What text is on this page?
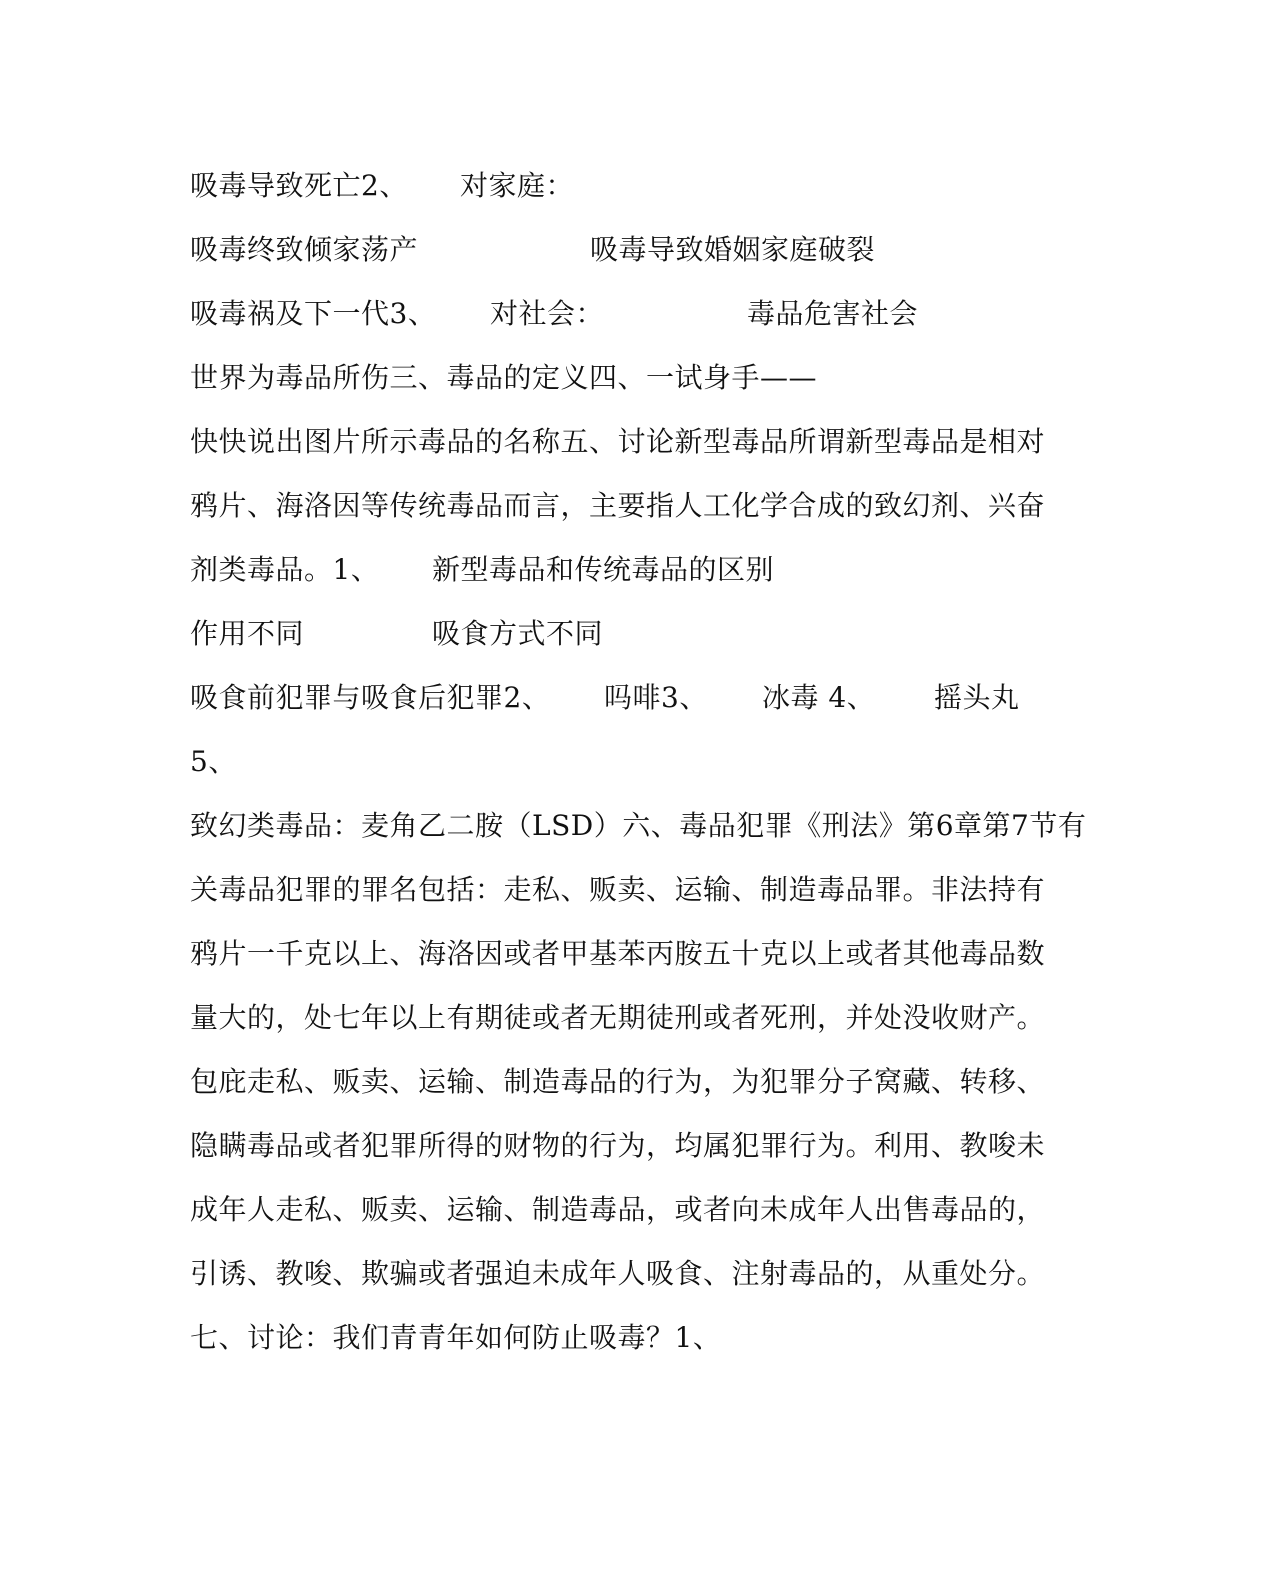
吸毒导致死亡2、 对家庭：
吸毒终致倾家荡产	吸毒导致婚姻家庭破裂
吸毒祸及下一代3、 对社会：	毒品危害社会
世界为毒品所伤三、毒品的定义四、一试身手——
快快说出图片所示毒品的名称五、讨论新型毒品所谓新型毒品是相对
鸦片、海洛因等传统毒品而言，主要指人工化学合成的致幻剂、兴奋
剂类毒品。1、 新型毒品和传统毒品的区别
作用不同	吸食方式不同
吸食前犯罪与吸食后犯罪2、 吗啡3、 冰毒 4、 摇头丸
5、
致幻类毒品：麦角乙二胺（LSD）六、毒品犯罪《刑法》第6章第7节有
关毒品犯罪的罪名包括：走私、贩卖、运输、制造毒品罪。非法持有
鸦片一千克以上、海洛因或者甲基苯丙胺五十克以上或者其他毒品数
量大的，处七年以上有期徒或者无期徒刑或者死刑，并处没收财产。
包庇走私、贩卖、运输、制造毒品的行为，为犯罪分子窝藏、转移、
隐瞒毒品或者犯罪所得的财物的行为，均属犯罪行为。利用、教唆未
成年人走私、贩卖、运输、制造毒品，或者向未成年人出售毒品的，
引诱、教唆、欺骗或者强迫未成年人吸食、注射毒品的，从重处分。
七、讨论：我们青青年如何防止吸毒？1、
